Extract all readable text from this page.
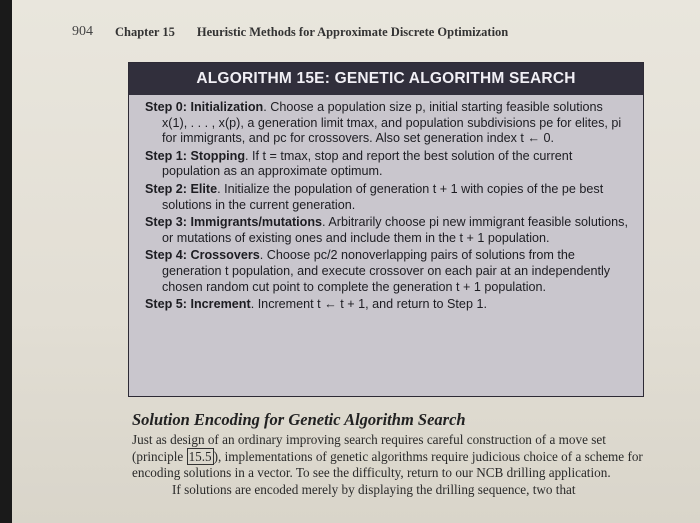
904 Chapter 15 Heuristic Methods for Approximate Discrete Optimization
ALGORITHM 15E: GENETIC ALGORITHM SEARCH
Step 0: Initialization. Choose a population size p, initial starting feasible solutions x(1), . . . , x(p), a generation limit tmax, and population subdivisions pe for elites, pi for immigrants, and pc for crossovers. Also set generation index t ← 0.
Step 1: Stopping. If t = tmax, stop and report the best solution of the current population as an approximate optimum.
Step 2: Elite. Initialize the population of generation t + 1 with copies of the pe best solutions in the current generation.
Step 3: Immigrants/mutations. Arbitrarily choose pi new immigrant feasible solutions, or mutations of existing ones and include them in the t + 1 population.
Step 4: Crossovers. Choose pc/2 nonoverlapping pairs of solutions from the generation t population, and execute crossover on each pair at an independently chosen random cut point to complete the generation t + 1 population.
Step 5: Increment. Increment t ← t + 1, and return to Step 1.
Solution Encoding for Genetic Algorithm Search

Just as design of an ordinary improving search requires careful construction of a move set (principle 15.5 ), implementations of genetic algorithms require judicious choice of a scheme for encoding solutions in a vector. To see the difficulty, return to our NCB drilling application.

If solutions are encoded merely by displaying the drilling sequence, two that
